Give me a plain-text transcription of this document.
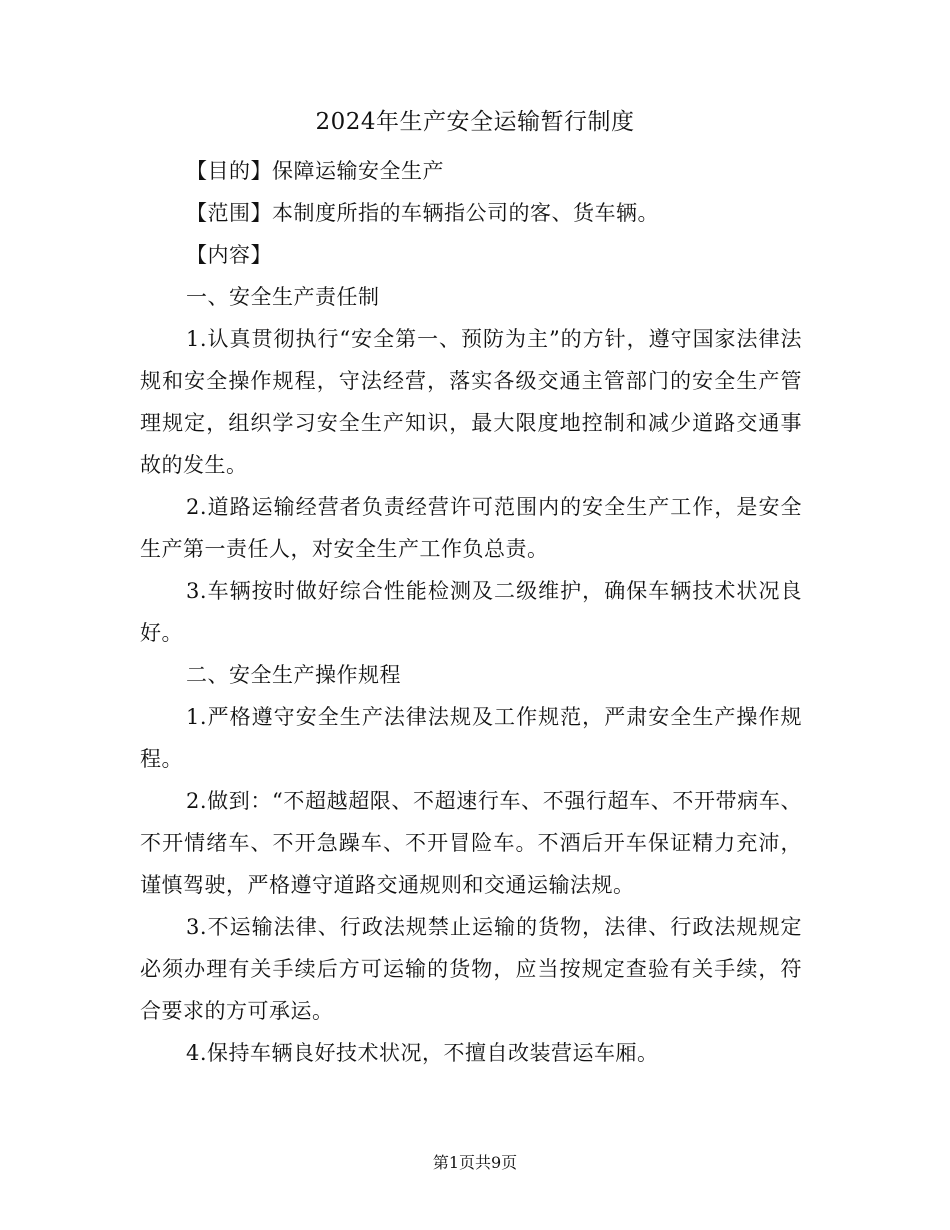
2024年生产安全运输暂行制度

【目的】保障运输安全生产

【范围】本制度所指的车辆指公司的客、货车辆。

【内容】

一、安全生产责任制

1.认真贯彻执行“安全第一、预防为主”的方针，遵守国家法律法规和安全操作规程，守法经营，落实各级交通主管部门的安全生产管理规定，组织学习安全生产知识，最大限度地控制和减少道路交通事故的发生。

2.道路运输经营者负责经营许可范围内的安全生产工作，是安全生产第一责任人，对安全生产工作负总责。

3.车辆按时做好综合性能检测及二级维护，确保车辆技术状况良好。

二、安全生产操作规程

1.严格遵守安全生产法律法规及工作规范，严肃安全生产操作规程。

2.做到：“不超越超限、不超速行车、不强行超车、不开带病车、不开情绪车、不开急躁车、不开冒险车。不酒后开车保证精力充沛，谨慎驾驶，严格遵守道路交通规则和交通运输法规。

3.不运输法律、行政法规禁止运输的货物，法律、行政法规规定必须办理有关手续后方可运输的货物，应当按规定查验有关手续，符合要求的方可承运。

4.保持车辆良好技术状况，不擅自改装营运车厢。

第1页共9页
